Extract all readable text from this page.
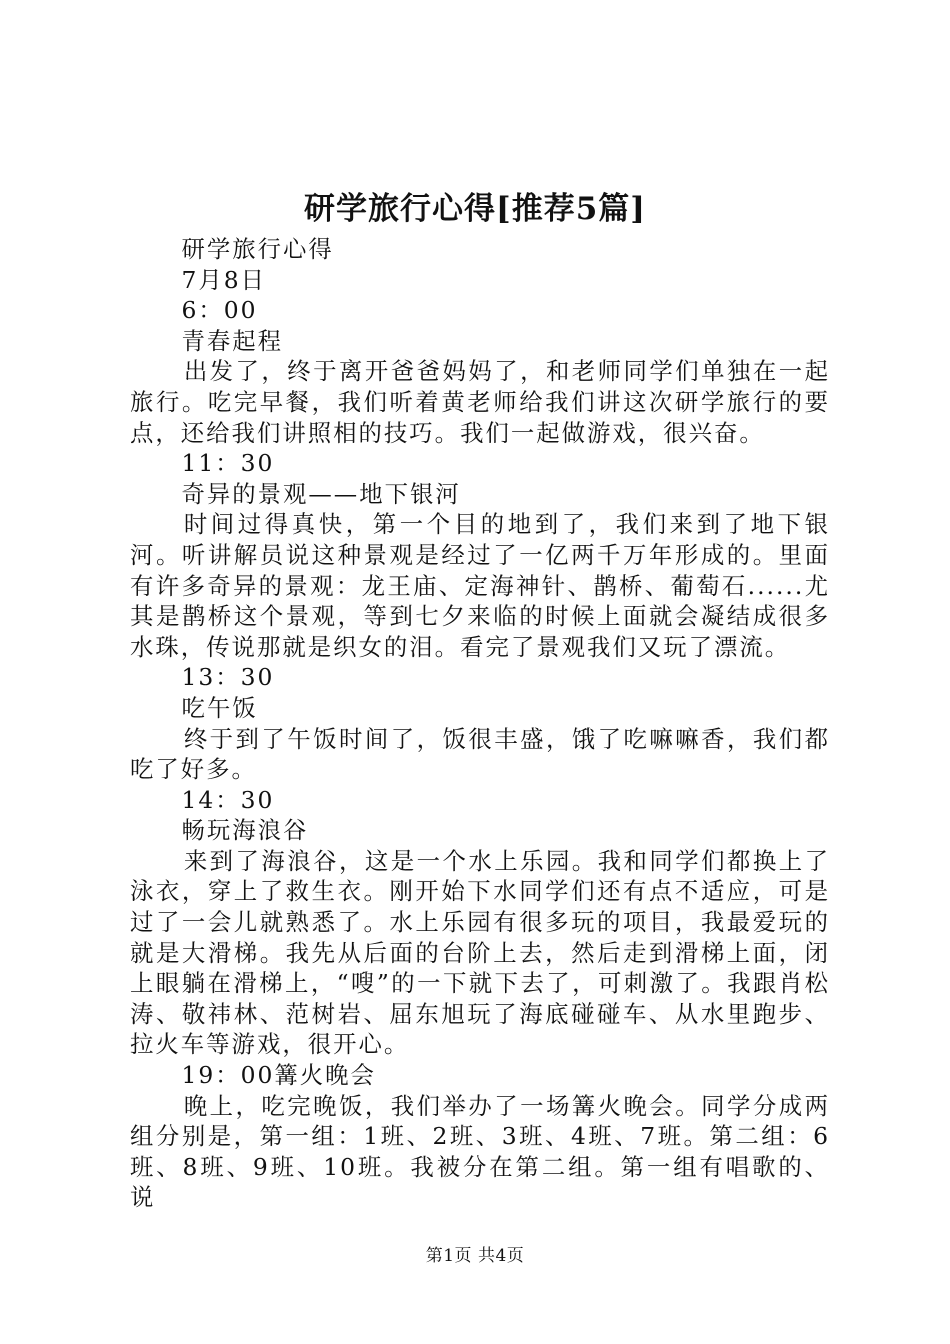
研学旅行心得[推荐5篇]

研学旅行心得

7月8日

6：00

青春起程

出发了，终于离开爸爸妈妈了，和老师同学们单独在一起旅行。吃完早餐，我们听着黄老师给我们讲这次研学旅行的要点，还给我们讲照相的技巧。我们一起做游戏，很兴奋。

11：30

奇异的景观——地下银河

时间过得真快，第一个目的地到了，我们来到了地下银河。听讲解员说这种景观是经过了一亿两千万年形成的。里面有许多奇异的景观：龙王庙、定海神针、鹊桥、葡萄石......尤其是鹊桥这个景观，等到七夕来临的时候上面就会凝结成很多水珠，传说那就是织女的泪。看完了景观我们又玩了漂流。

13：30

吃午饭

终于到了午饭时间了，饭很丰盛，饿了吃嘛嘛香，我们都吃了好多。

14：30

畅玩海浪谷

来到了海浪谷，这是一个水上乐园。我和同学们都换上了泳衣，穿上了救生衣。刚开始下水同学们还有点不适应，可是过了一会儿就熟悉了。水上乐园有很多玩的项目，我最爱玩的就是大滑梯。我先从后面的台阶上去，然后走到滑梯上面，闭上眼躺在滑梯上，“嗖”的一下就下去了，可刺激了。我跟肖松涛、敬祎林、范树岩、屈东旭玩了海底碰碰车、从水里跑步、拉火车等游戏，很开心。

19：00篝火晚会

晚上，吃完晚饭，我们举办了一场篝火晚会。同学分成两组分别是，第一组：1班、2班、3班、4班、7班。第二组：6班、8班、9班、10班。我被分在第二组。第一组有唱歌的、说

第1页 共4页
